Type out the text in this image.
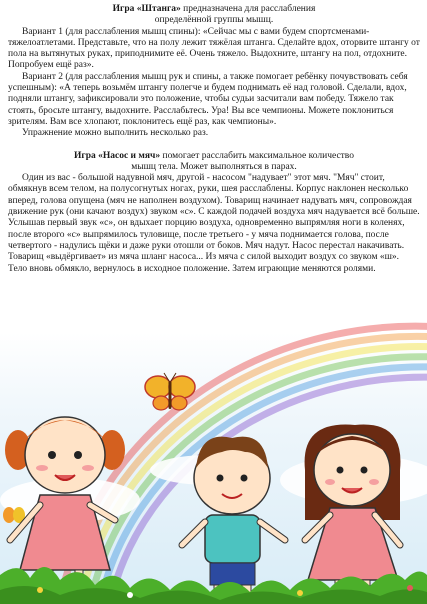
Игра «Штанга» предназначена для расслабления

определённой группы мышц.

Вариант 1 (для расслабления мышц спины): «Сейчас мы с вами будем спортсменами-тяжелоатлетами. Представьте, что на полу лежит тяжёлая штанга. Сделайте вдох, оторвите штангу от пола на вытянутых руках, приподнимите её. Очень тяжело. Выдохните, штангу на пол, отдохните. Попробуем ещё раз».

Вариант 2 (для расслабления мышц рук и спины, а также помогает ребёнку почувствовать себя успешным): «А теперь возьмём штангу полегче и будем поднимать её над головой. Сделали, вдох, подняли штангу, зафиксировали это положение, чтобы судьи засчитали вам победу. Тяжело так стоять, бросьте штангу, выдохните. Расслабьтесь. Ура! Вы все чемпионы. Можете поклониться зрителям. Вам все хлопают, поклонитесь ещё раз, как чемпионы».

Упражнение можно выполнить несколько раз.

Игра «Насос и мяч» помогает расслабить максимальное количество

мышц тела. Может выполняться в парах.

Один из вас - большой надувной мяч, другой - насосом "надувает" этот мяч. "Мяч" стоит, обмякнув всем телом, на полусогнутых ногах, руки, шея расслаблены. Корпус наклонен несколько вперед, голова опущена (мяч не наполнен воздухом). Товарищ начинает надувать мяч, сопровождая движение рук (они качают воздух) звуком «с». С каждой подачей воздуха мяч надувается всё больше. Услышав первый звук «с», он вдыхает порцию воздуха, одновременно выпрямляя ноги в коленях, после второго «с» выпрямилось туловище, после третьего - у мяча поднимается голова, после четвертого - надулись щёки и даже руки отошли от боков. Мяч надут. Насос перестал накачивать. Товарищ «выдёргивает» из мяча шланг насоса... Из мяча с силой выходит воздух со звуком «ш». Тело вновь обмякло, вернулось в исходное положение. Затем играющие меняются ролями.
